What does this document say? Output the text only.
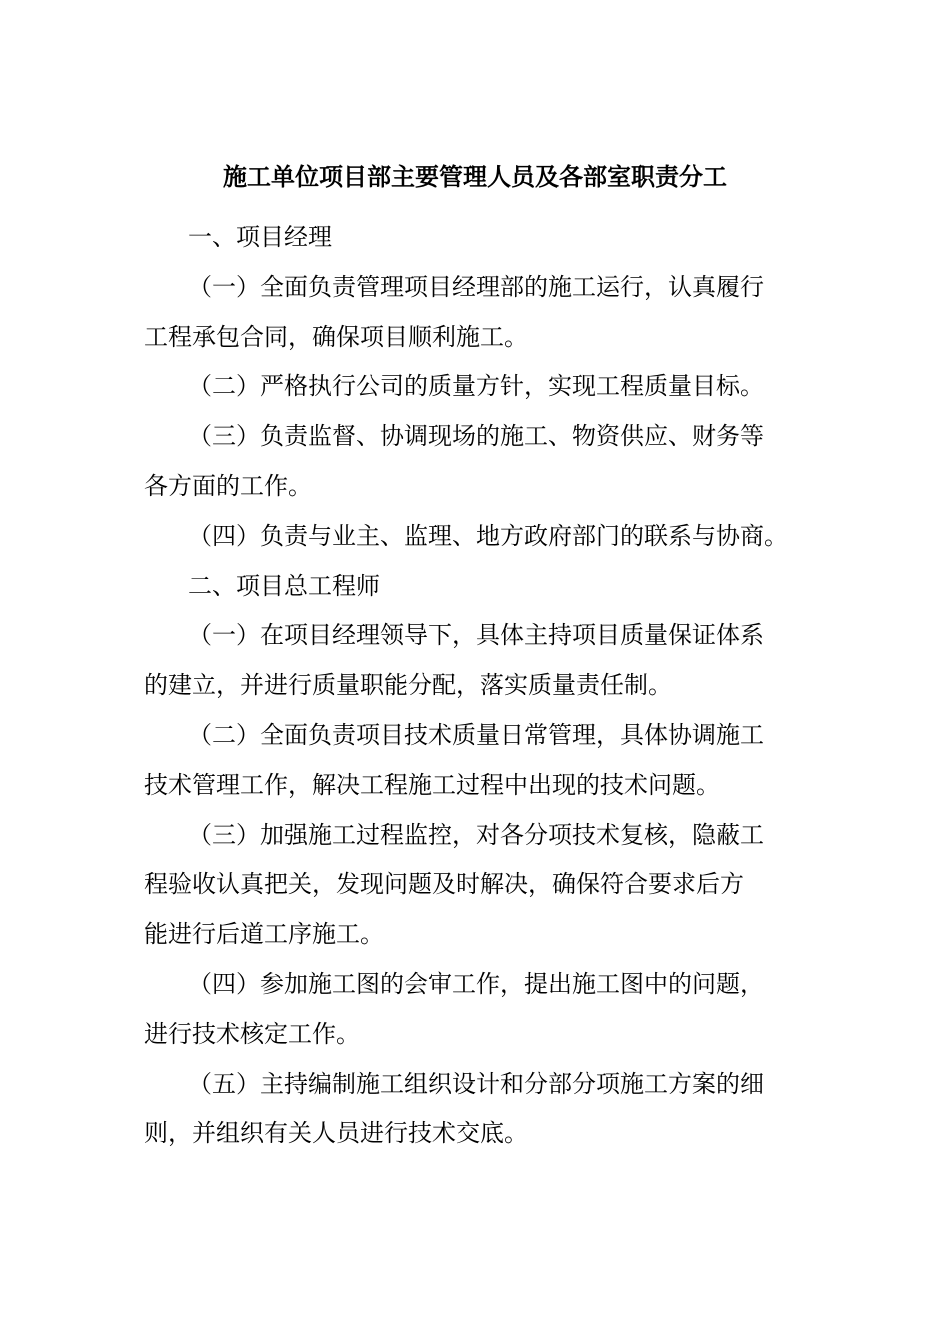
施工单位项目部主要管理人员及各部室职责分工

一、项目经理

（一）全面负责管理项目经理部的施工运行，认真履行

工程承包合同，确保项目顺利施工。

（二）严格执行公司的质量方针，实现工程质量目标。

（三）负责监督、协调现场的施工、物资供应、财务等

各方面的工作。

（四）负责与业主、监理、地方政府部门的联系与协商。

二、项目总工程师

（一）在项目经理领导下，具体主持项目质量保证体系

的建立，并进行质量职能分配，落实质量责任制。

（二）全面负责项目技术质量日常管理，具体协调施工

技术管理工作，解决工程施工过程中出现的技术问题。

（三）加强施工过程监控，对各分项技术复核，隐蔽工

程验收认真把关，发现问题及时解决，确保符合要求后方

能进行后道工序施工。

（四）参加施工图的会审工作，提出施工图中的问题，

进行技术核定工作。

（五）主持编制施工组织设计和分部分项施工方案的细

则，并组织有关人员进行技术交底。
